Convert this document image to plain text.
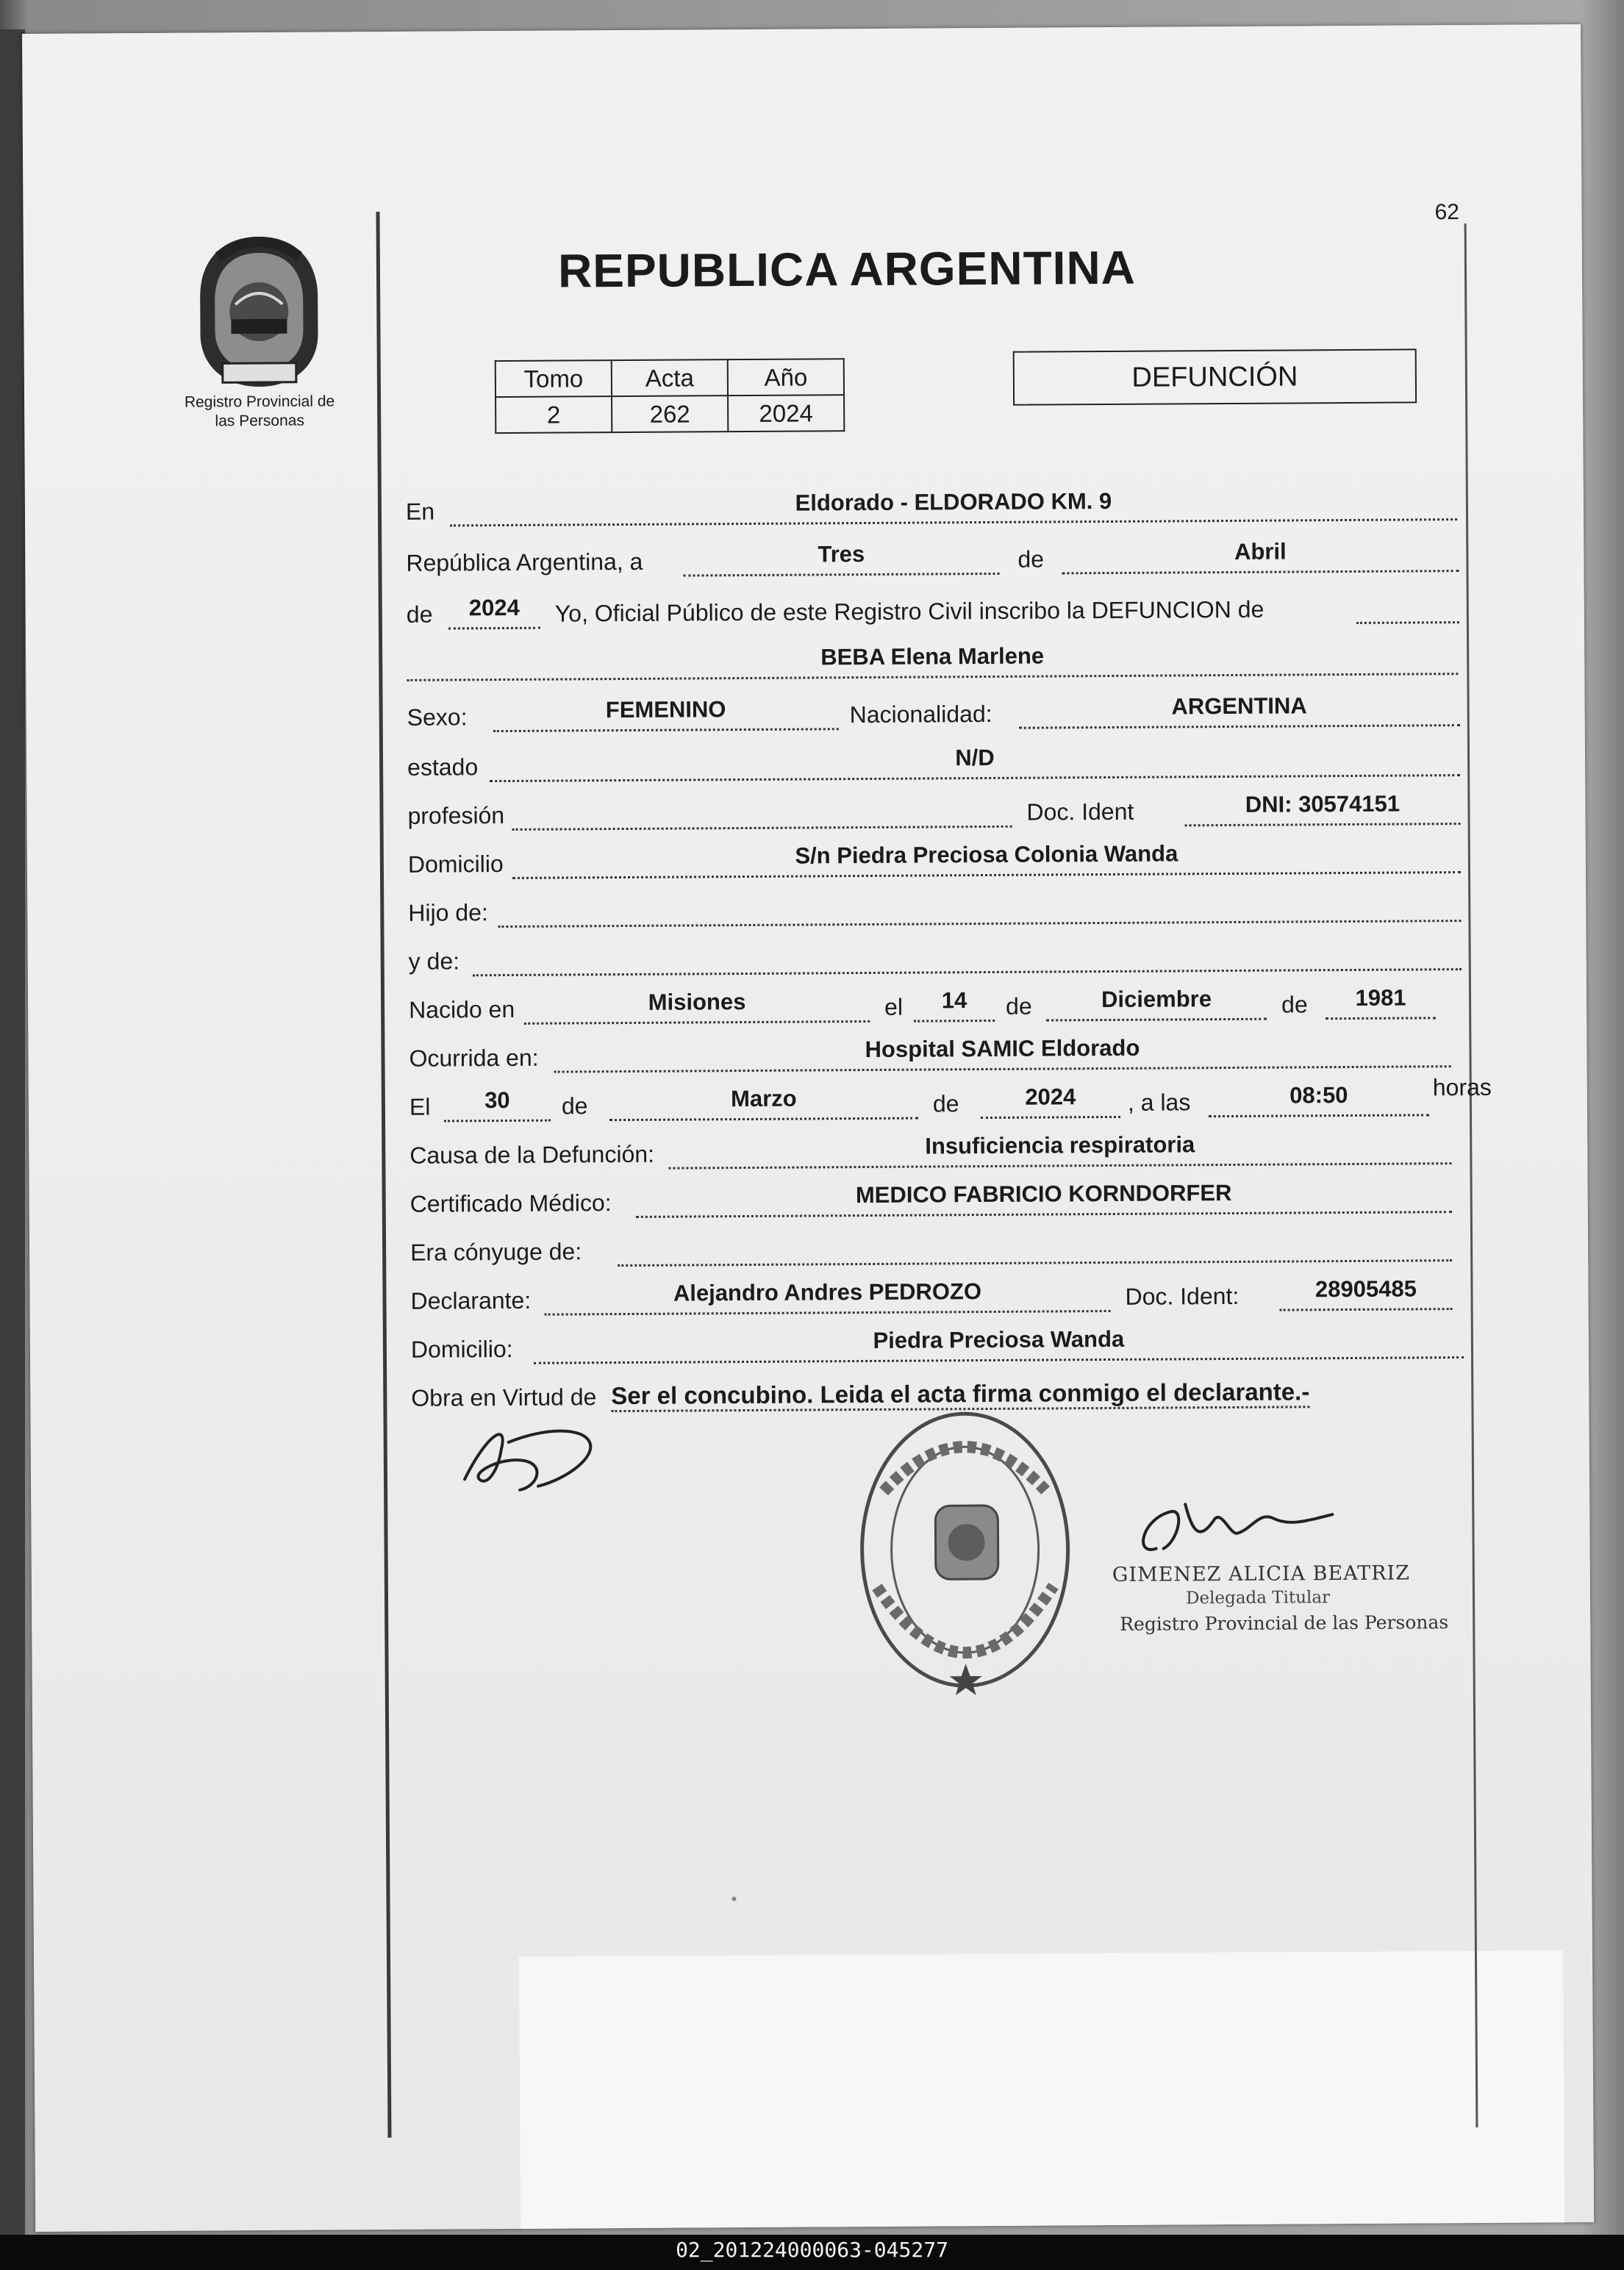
62
Registro Provincial de
las Personas
REPUBLICA ARGENTINA
Tomo	Acta	Año
2	262	2024
DEFUNCIÓN
En	Eldorado - ELDORADO KM. 9
República Argentina, a	Tres	de	Abril
de	2024	Yo, Oficial Público de este Registro Civil inscribo la DEFUNCION de
BEBA Elena Marlene
Sexo:	FEMENINO	Nacionalidad:	ARGENTINA
estado	N/D
profesión	Doc. Ident	DNI: 30574151
Domicilio	S/n Piedra Preciosa Colonia Wanda
Hijo de:
y de:
Nacido en	Misiones	el	14	de	Diciembre	de	1981
Ocurrida en:	Hospital SAMIC Eldorado
El	30	de	Marzo	de	2024	, a las	08:50	horas
Causa de la Defunción:	Insuficiencia respiratoria
Certificado Médico:	MEDICO FABRICIO KORNDORFER
Era cónyuge de:
Declarante:	Alejandro Andres PEDROZO	Doc. Ident:	28905485
Domicilio:	Piedra Preciosa Wanda
Obra en Virtud de Ser el concubino. Leida el acta firma conmigo el declarante.-
GIMENEZ ALICIA BEATRIZ
Delegada Titular
Registro Provincial de las Personas
02_201224000063-045277
